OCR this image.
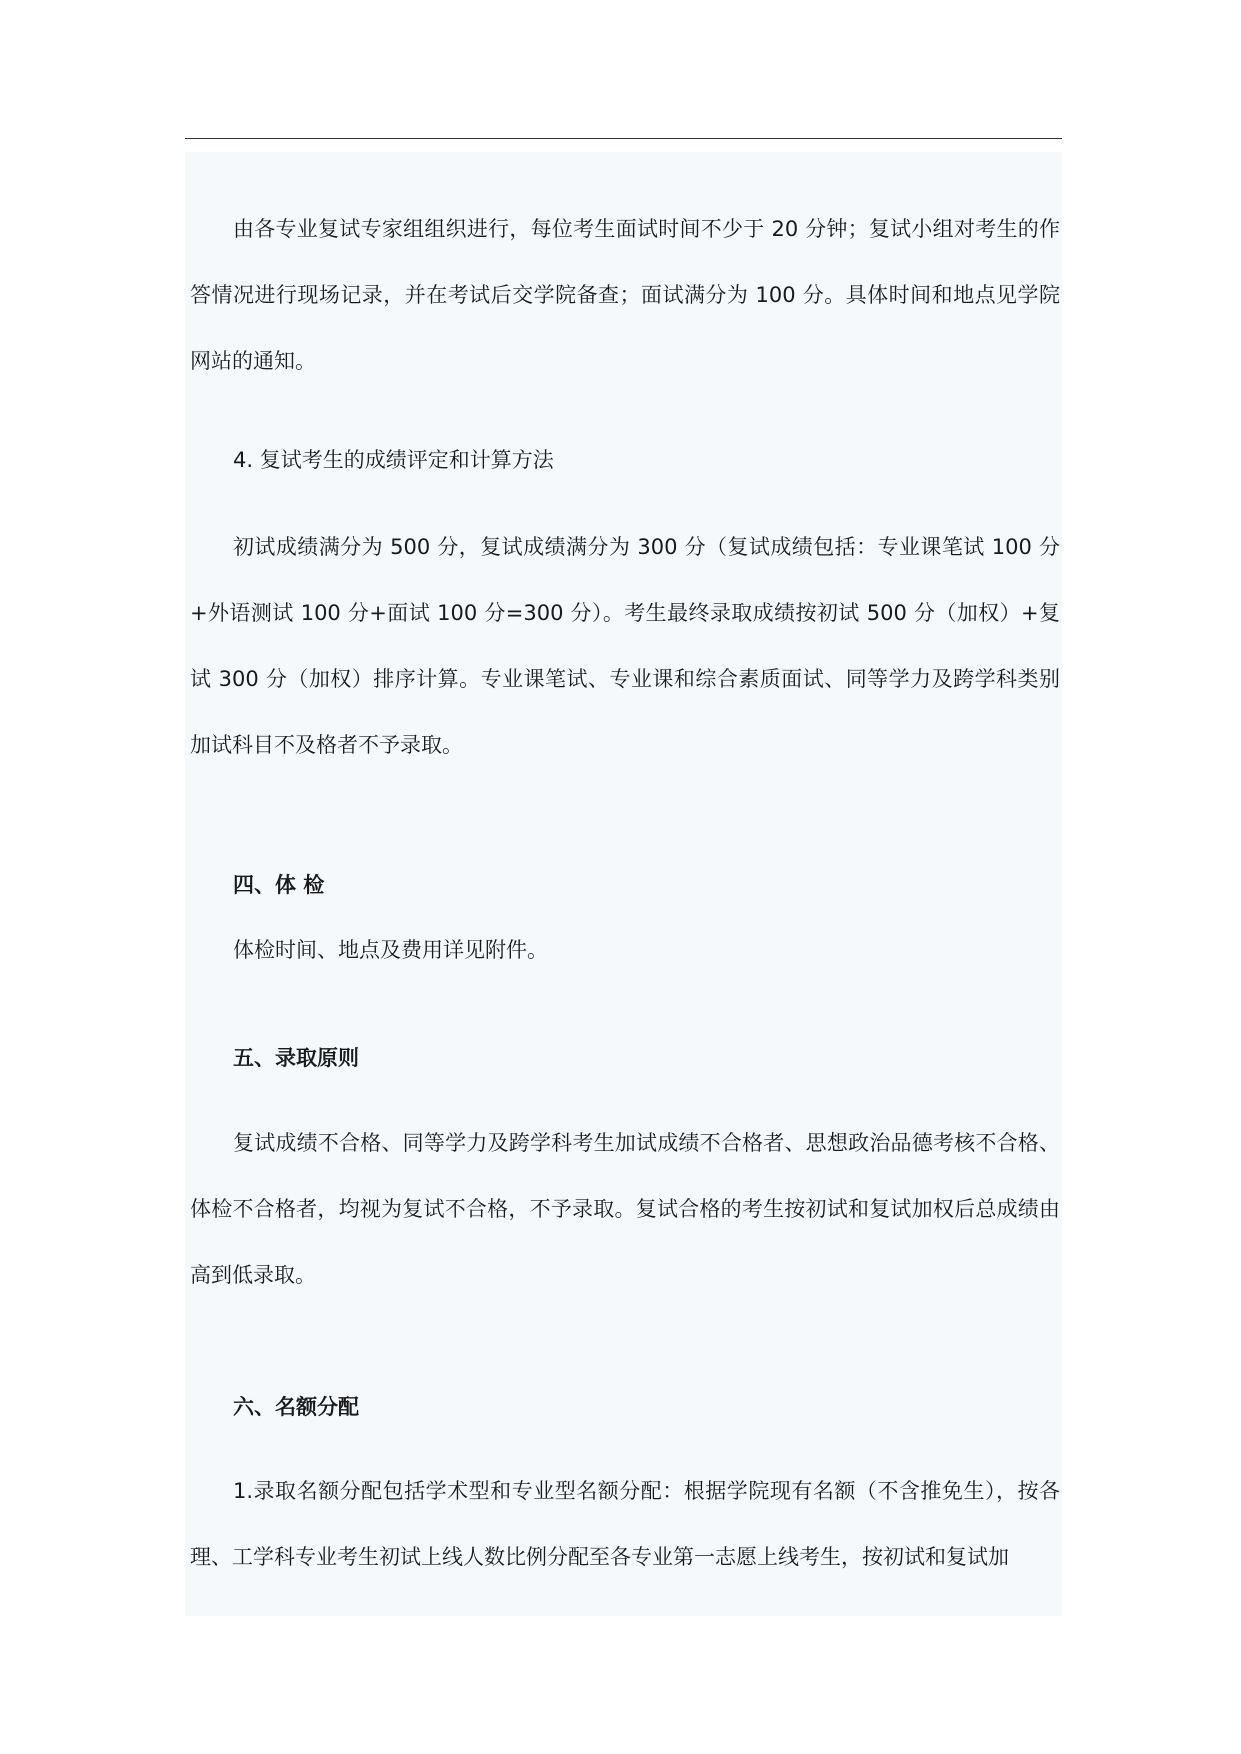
由各专业复试专家组组织进行，每位考生面试时间不少于 20 分钟；复试小组对考生的作答情况进行现场记录，并在考试后交学院备查；面试满分为 100 分。具体时间和地点见学院网站的通知。

4. 复试考生的成绩评定和计算方法

初试成绩满分为 500 分，复试成绩满分为 300 分（复试成绩包括：专业课笔试 100 分+外语测试 100 分+面试 100 分=300 分）。考生最终录取成绩按初试 500 分（加权）+复试 300 分（加权）排序计算。专业课笔试、专业课和综合素质面试、同等学力及跨学科类别加试科目不及格者不予录取。

四、体 检

体检时间、地点及费用详见附件。

五、录取原则

复试成绩不合格、同等学力及跨学科考生加试成绩不合格者、思想政治品德考核不合格、体检不合格者，均视为复试不合格，不予录取。复试合格的考生按初试和复试加权后总成绩由高到低录取。

六、名额分配

1.录取名额分配包括学术型和专业型名额分配：根据学院现有名额（不含推免生），按各理、工学科专业考生初试上线人数比例分配至各专业第一志愿上线考生，按初试和复试加
